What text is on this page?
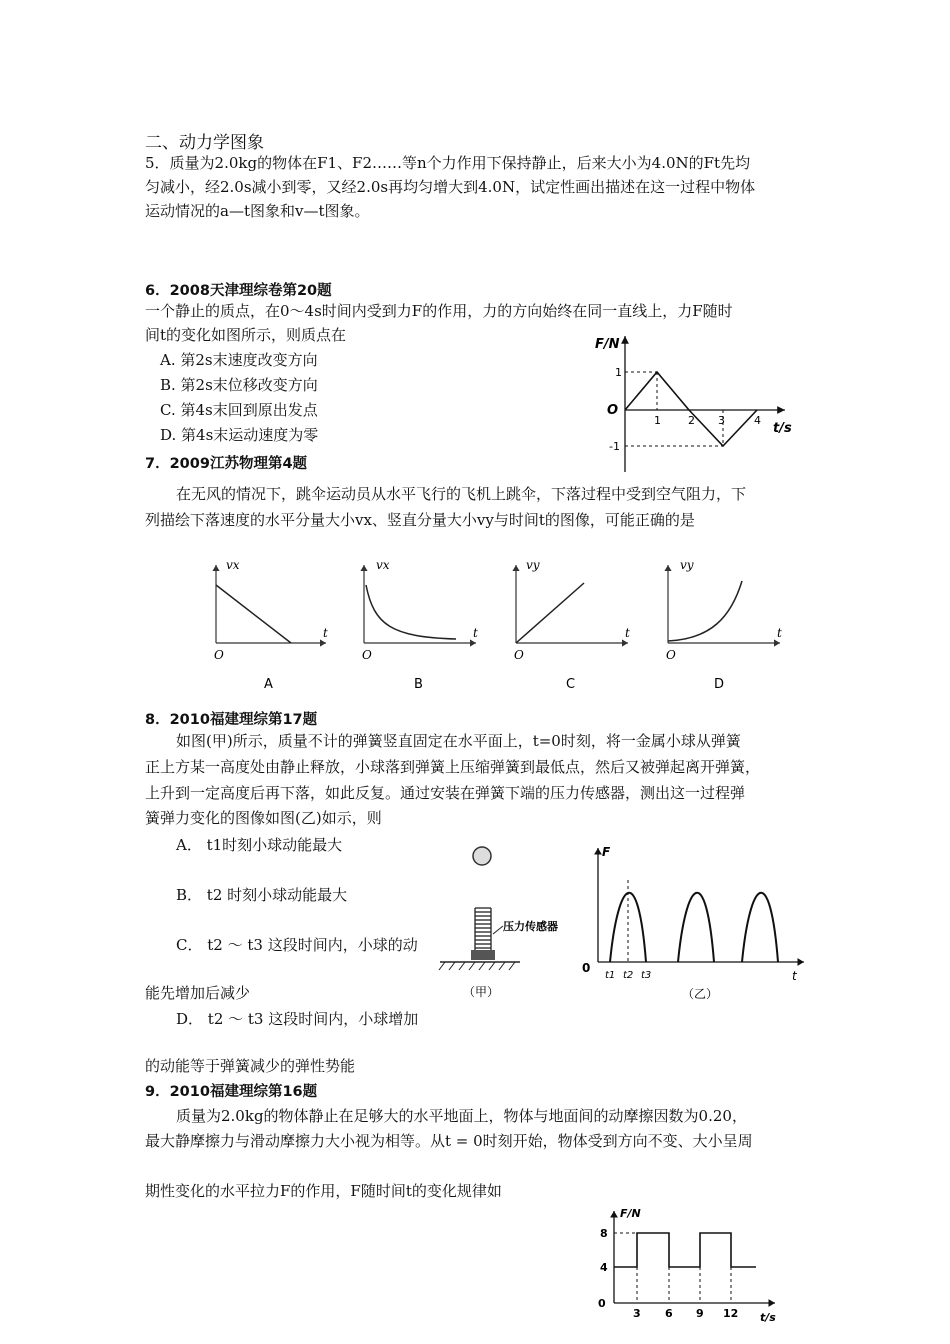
二、动力学图象
5．质量为2.0kg的物体在F1、F2……等n个力作用下保持静止，后来大小为4.0N的Ft先均
匀减小，经2.0s减小到零，又经2.0s再均匀增大到4.0N，试定性画出描述在这一过程中物体
运动情况的a—t图象和v—t图象。
6．2008天津理综卷第20题
一个静止的质点，在0～4s时间内受到力F的作用，力的方向始终在同一直线上，力F随时
间t的变化如图所示，则质点在
A. 第2s末速度改变方向
B. 第2s末位移改变方向
C. 第4s末回到原出发点
D. 第4s末运动速度为零
F/N
t/s
O
1
-1
1 2 3	4
7．2009江苏物理第4题
在无风的情况下，跳伞运动员从水平飞行的飞机上跳伞，下落过程中受到空气阻力，下
列描绘下落速度的水平分量大小vx、竖直分量大小vy与时间t的图像，可能正确的是
vx
t
O
A
vx
t
O
B
vy
t
O
C
vy
t
O
D
8．2010福建理综第17题
如图(甲)所示，质量不计的弹簧竖直固定在水平面上，t=0时刻，将一金属小球从弹簧
正上方某一高度处由静止释放，小球落到弹簧上压缩弹簧到最低点，然后又被弹起离开弹簧，
上升到一定高度后再下落，如此反复。通过安装在弹簧下端的压力传感器，测出这一过程弹
簧弹力变化的图像如图(乙)如示，则
A． t1时刻小球动能最大
B． t2 时刻小球动能最大
C． t2 ～ t3 这段时间内，小球的动
能先增加后减少
D． t2 ～ t3 这段时间内，小球增加
的动能等于弹簧减少的弹性势能
压力传感器
（甲）
F
t
0
t1 t2 t3
（乙）
9．2010福建理综第16题
质量为2.0kg的物体静止在足够大的水平地面上，物体与地面间的动摩擦因数为0.20，
最大静摩擦力与滑动摩擦力大小视为相等。从t = 0时刻开始，物体受到方向不变、大小呈周
期性变化的水平拉力F的作用，F随时间t的变化规律如
F/N
t/s
0
8
4
3 6 9 12
